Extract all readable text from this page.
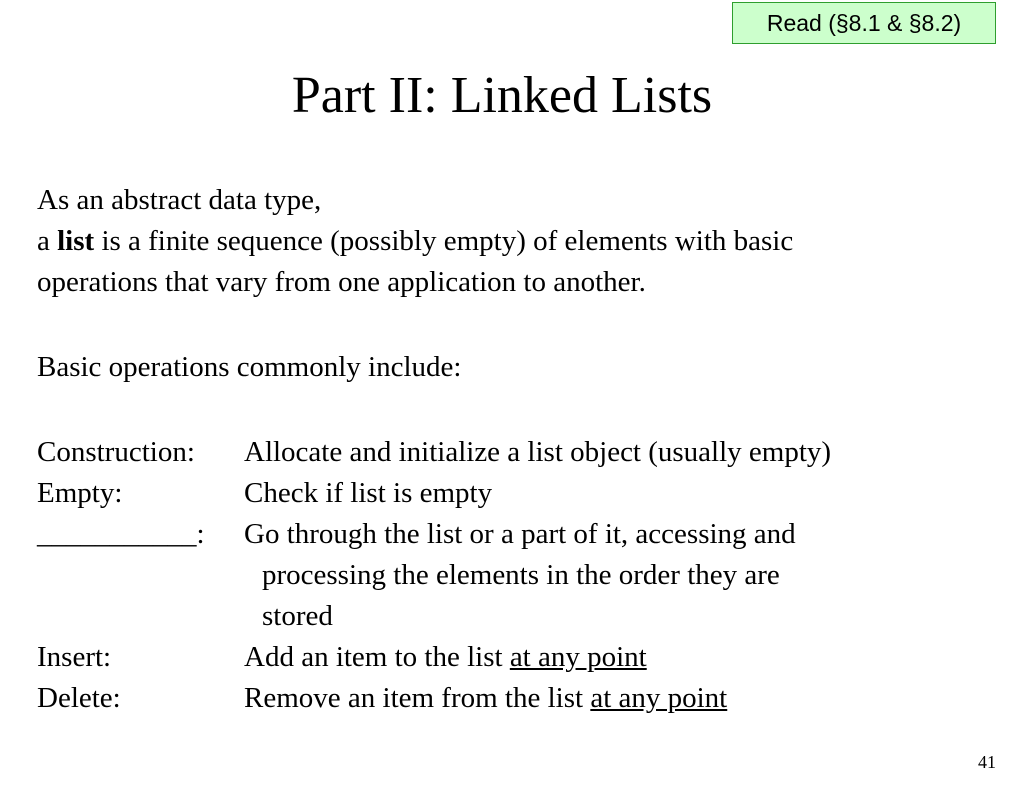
Read (§8.1 & §8.2)
Part II: Linked Lists
As an abstract data type,
a list is a finite sequence (possibly empty) of elements with basic
operations that vary from one application to another.
Basic operations commonly include:
Construction: Allocate and initialize a list object (usually empty)
Empty:	Check if list is empty
___________: Go through the list or a part of it, accessing and
processing the elements in the order they are
stored
Insert:	Add an item to the list at any point
Delete:	Remove an item from the list at any point
41
